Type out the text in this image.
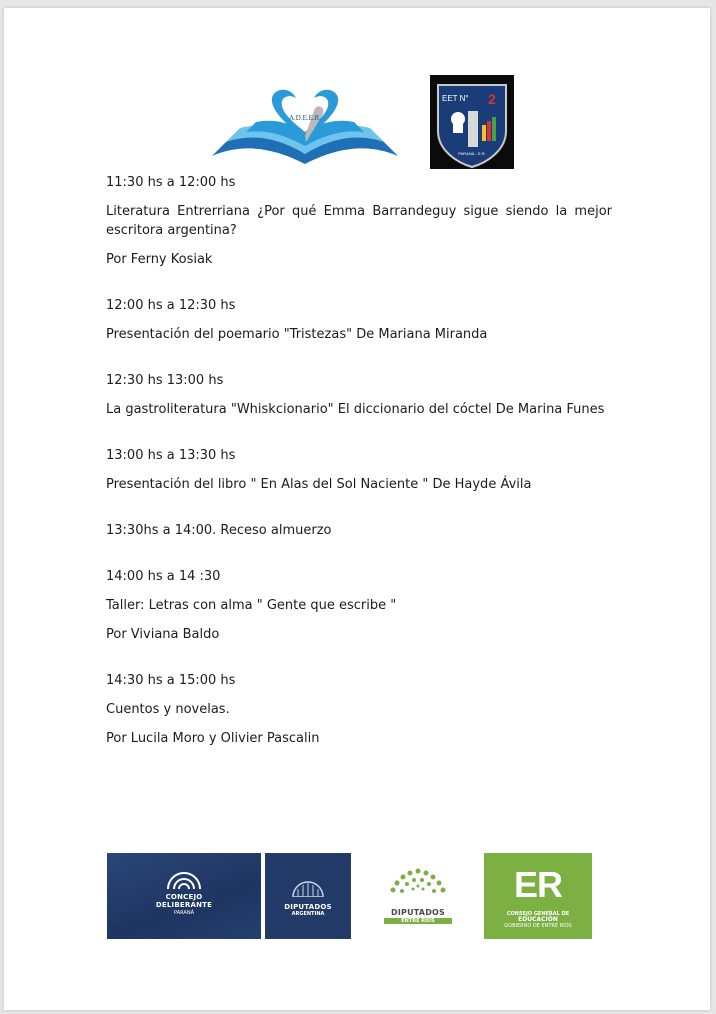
A.D.E.E.R.
EET N° 2
PARANÁ - E.R.

11:30 hs a 12:00 hs

Literatura Entrerriana ¿Por qué Emma Barrandeguy sigue siendo la mejor escritora argentina?

Por Ferny Kosiak

12:00 hs a 12:30 hs

Presentación del poemario "Tristezas" De Mariana Miranda

12:30 hs 13:00 hs

La gastroliteratura "Whiskcionario" El diccionario del cóctel De Marina Funes

13:00 hs a 13:30 hs

Presentación del libro " En Alas del Sol Naciente " De Hayde Ávila

13:30hs a 14:00. Receso almuerzo

14:00 hs a 14 :30

Taller: Letras con alma " Gente que escribe "

Por Viviana Baldo

14:30 hs a 15:00 hs

Cuentos y novelas.

Por Lucila Moro y Olivier Pascalin

CONCEJO
DELIBERANTE
PARANÁ
DIPUTADOS
ARGENTINA	DIPUTADOS
ENTRE RÍOS
ER
CONSEJO GENERAL DE
EDUCACIÓN
GOBIERNO DE ENTRE RÍOS
